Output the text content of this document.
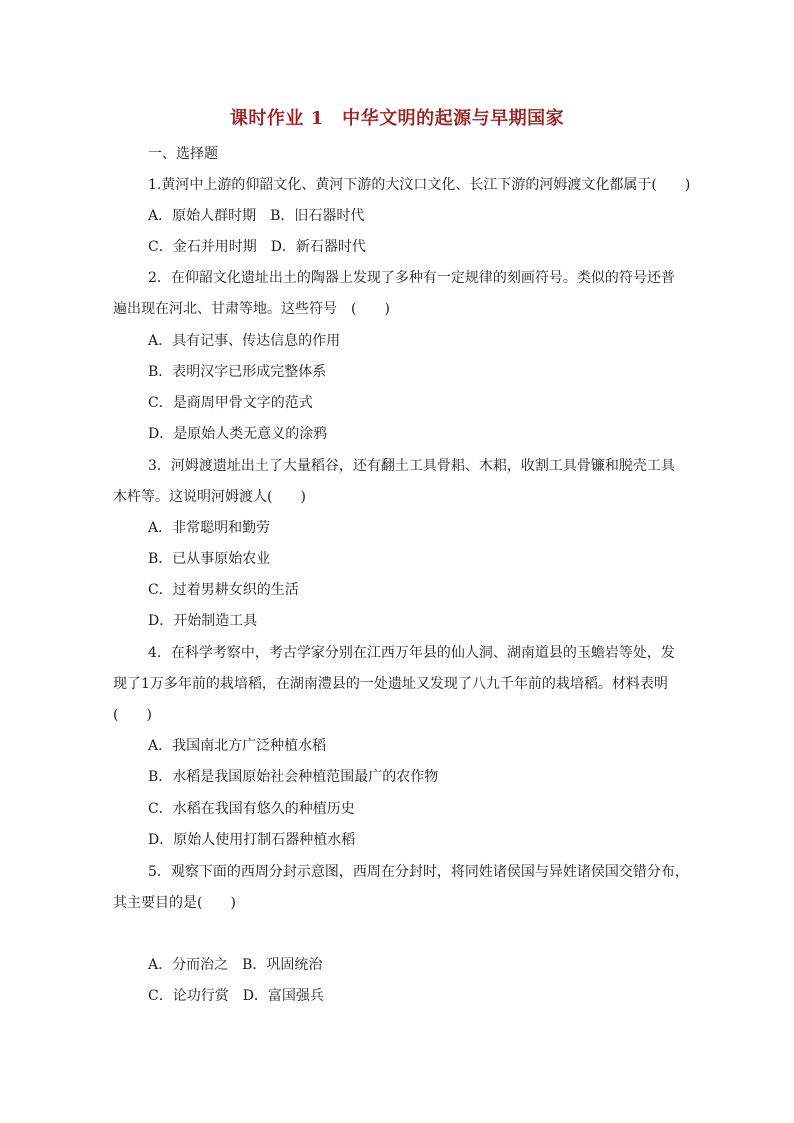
课时作业 1　中华文明的起源与早期国家
一、选择题
1.黄河中上游的仰韶文化、黄河下游的大汶口文化、长江下游的河姆渡文化都属于(　　)
A．原始人群时期　B．旧石器时代
C．金石并用时期　D．新石器时代
2．在仰韶文化遗址出土的陶器上发现了多种有一定规律的刻画符号。类似的符号还普
遍出现在河北、甘肃等地。这些符号　(　　)
A．具有记事、传达信息的作用
B．表明汉字已形成完整体系
C．是商周甲骨文字的范式
D．是原始人类无意义的涂鸦
3．河姆渡遗址出土了大量稻谷，还有翻土工具骨耜、木耜，收割工具骨镰和脱壳工具
木杵等。这说明河姆渡人(　　)
A．非常聪明和勤劳
B．已从事原始农业
C．过着男耕女织的生活
D．开始制造工具
4．在科学考察中，考古学家分别在江西万年县的仙人洞、湖南道县的玉蟾岩等处，发
现了1万多年前的栽培稻，在湖南澧县的一处遗址又发现了八九千年前的栽培稻。材料表明
(　　)
A．我国南北方广泛种植水稻
B．水稻是我国原始社会种植范围最广的农作物
C．水稻在我国有悠久的种植历史
D．原始人使用打制石器种植水稻
5．观察下面的西周分封示意图，西周在分封时，将同姓诸侯国与异姓诸侯国交错分布，
其主要目的是(　　)
A．分而治之　B．巩固统治
C．论功行赏　D．富国强兵
